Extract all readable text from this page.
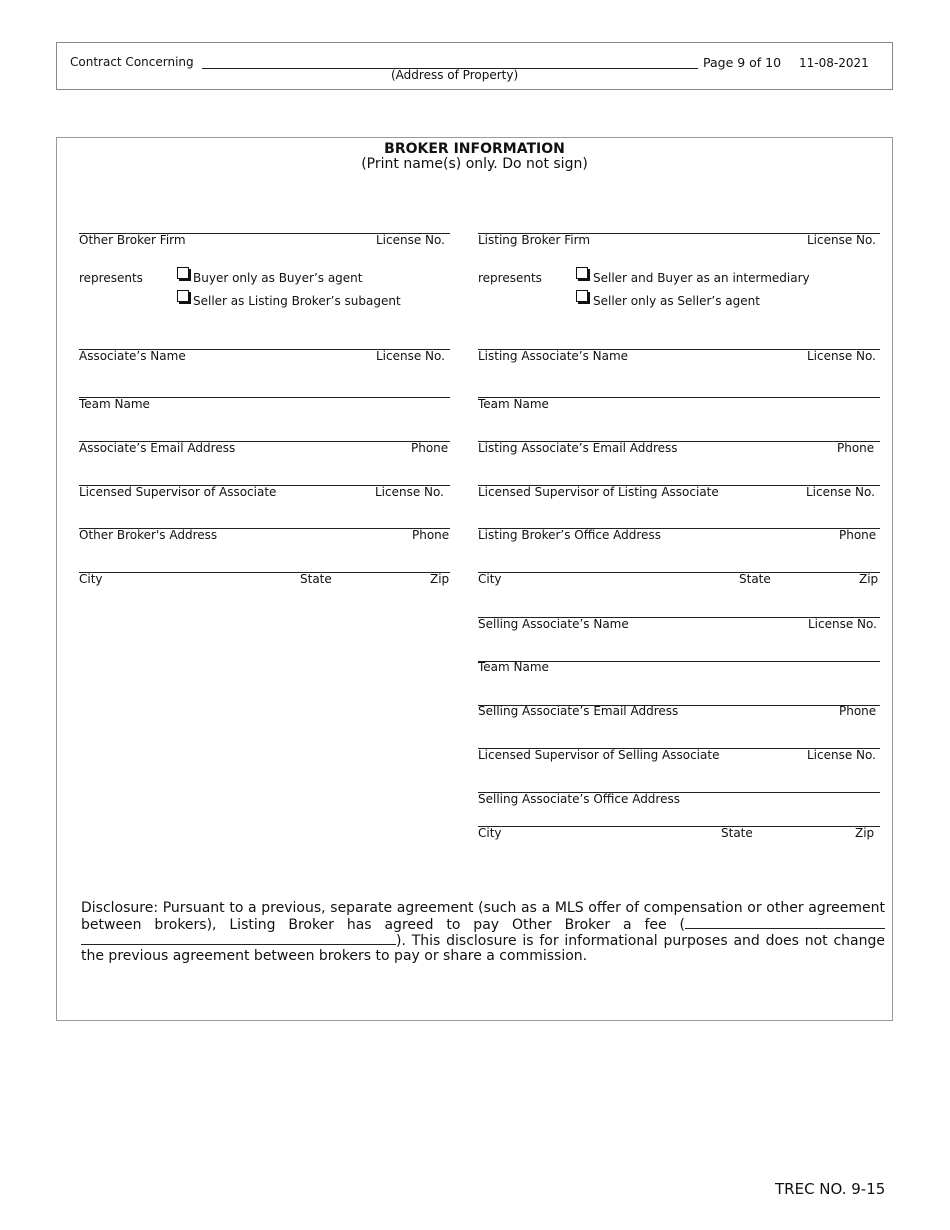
Contract Concerning
(Address of Property)
Page 9 of 10 11-08-2021
BROKER INFORMATION
(Print name(s) only. Do not sign)
Other Broker Firm	License No.
represents	Buyer only as Buyer’s agent
Seller as Listing Broker’s subagent
Associate’s Name	License No.
Team Name
Associate’s Email Address	Phone
Licensed Supervisor of Associate	License No.
Other Broker's Address	Phone
City	State	Zip
Listing Broker Firm	License No.
represents	Seller and Buyer as an intermediary
Seller only as Seller’s agent
Listing Associate’s Name	License No.
Team Name
Listing Associate’s Email Address	Phone
Licensed Supervisor of Listing Associate	License No.
Listing Broker’s Office Address	Phone
City	State	Zip
Selling Associate’s Name	License No.
Team Name
Selling Associate’s Email Address	Phone
Licensed Supervisor of Selling Associate	License No.
Selling Associate’s Office Address
City	State	Zip
Disclosure: Pursuant to a previous, separate agreement (such as a MLS offer of compensation or other agreement between brokers), Listing Broker has agreed to pay Other Broker a fee (). This disclosure is for informational purposes and does not change the previous agreement between brokers to pay or share a commission.
TREC NO. 9-15
